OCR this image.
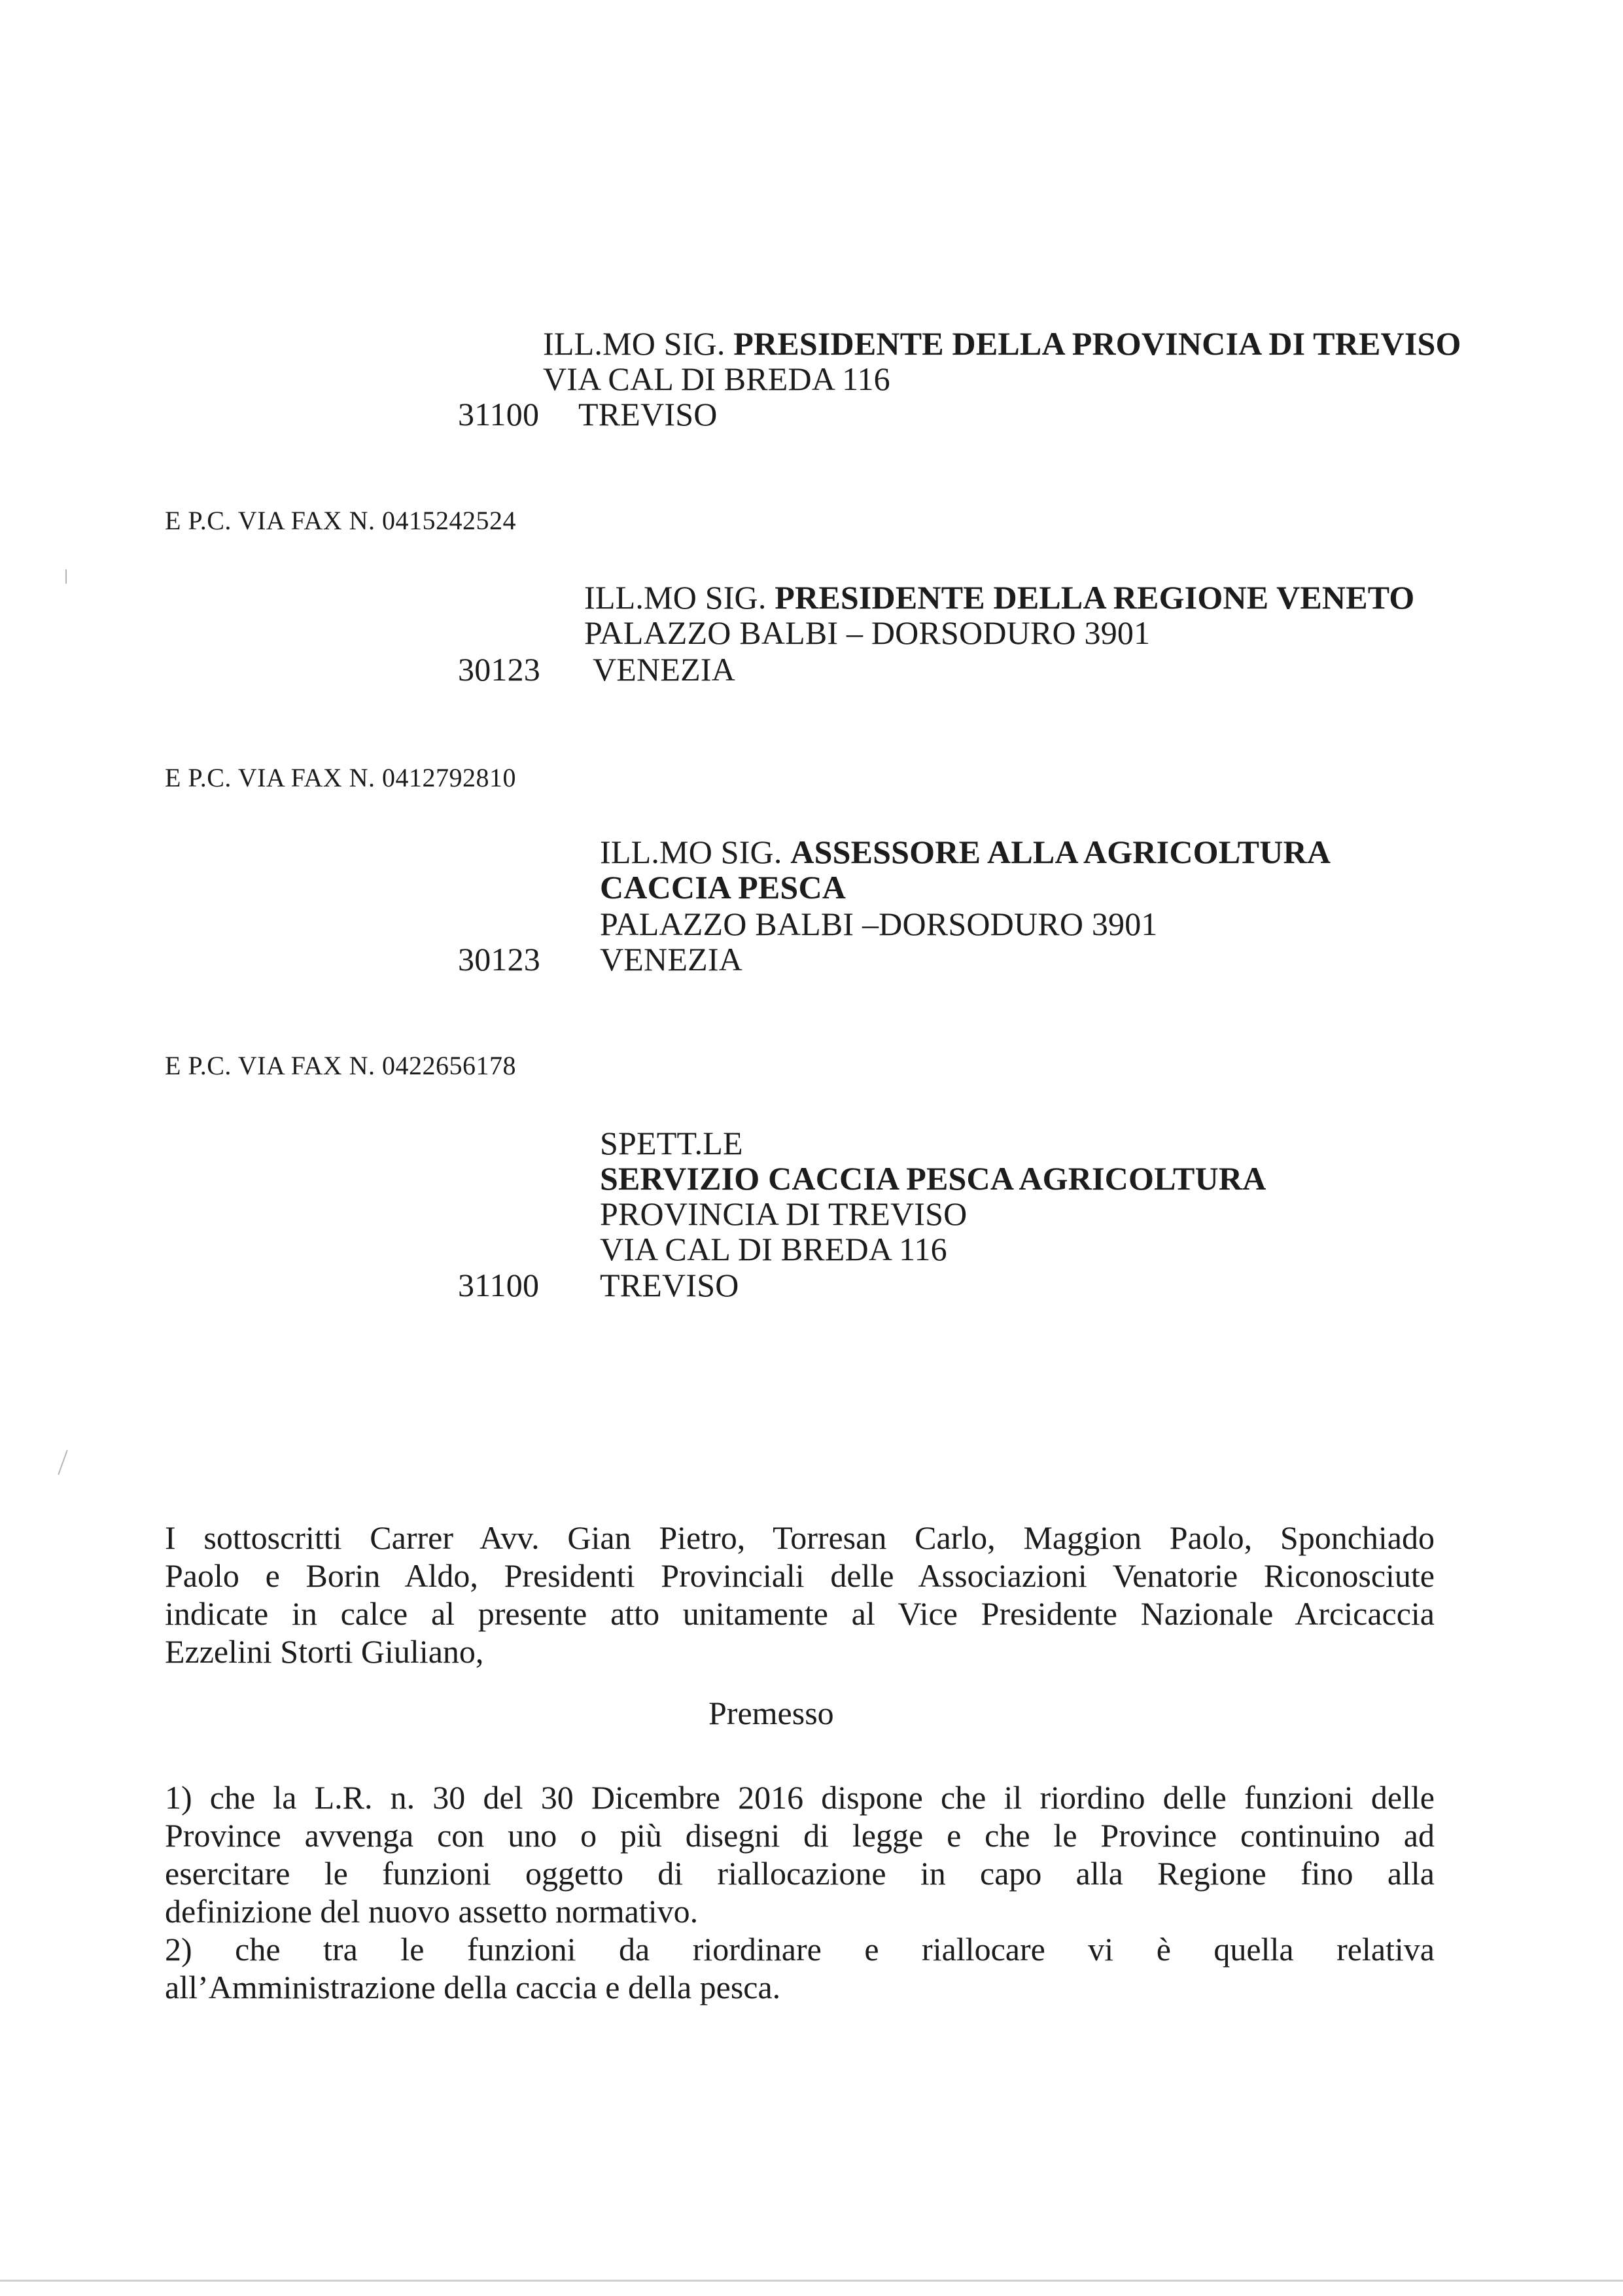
ILL.MO SIG. PRESIDENTE DELLA PROVINCIA DI TREVISO
VIA CAL DI BREDA 116
31100 TREVISO
E P.C. VIA FAX N. 0415242524
ILL.MO SIG. PRESIDENTE DELLA REGIONE VENETO
PALAZZO BALBI – DORSODURO 3901
30123 VENEZIA
E P.C. VIA FAX N. 0412792810
ILL.MO SIG. ASSESSORE ALLA AGRICOLTURA
CACCIA PESCA
PALAZZO BALBI –DORSODURO 3901
30123 VENEZIA
E P.C. VIA FAX N. 0422656178
SPETT.LE
SERVIZIO CACCIA PESCA AGRICOLTURA
PROVINCIA DI TREVISO
VIA CAL DI BREDA 116
31100 TREVISO
I sottoscritti Carrer Avv. Gian Pietro, Torresan Carlo, Maggion Paolo, Sponchiado
Paolo e Borin Aldo, Presidenti Provinciali delle Associazioni Venatorie Riconosciute
indicate in calce al presente atto unitamente al Vice Presidente Nazionale Arcicaccia
Ezzelini Storti Giuliano,
Premesso
1) che la L.R. n. 30 del 30 Dicembre 2016 dispone che il riordino delle funzioni delle
Province avvenga con uno o più disegni di legge e che le Province continuino ad
esercitare le funzioni oggetto di riallocazione in capo alla Regione fino alla
definizione del nuovo assetto normativo.
2) che tra le funzioni da riordinare e riallocare vi è quella relativa
all’Amministrazione della caccia e della pesca.
